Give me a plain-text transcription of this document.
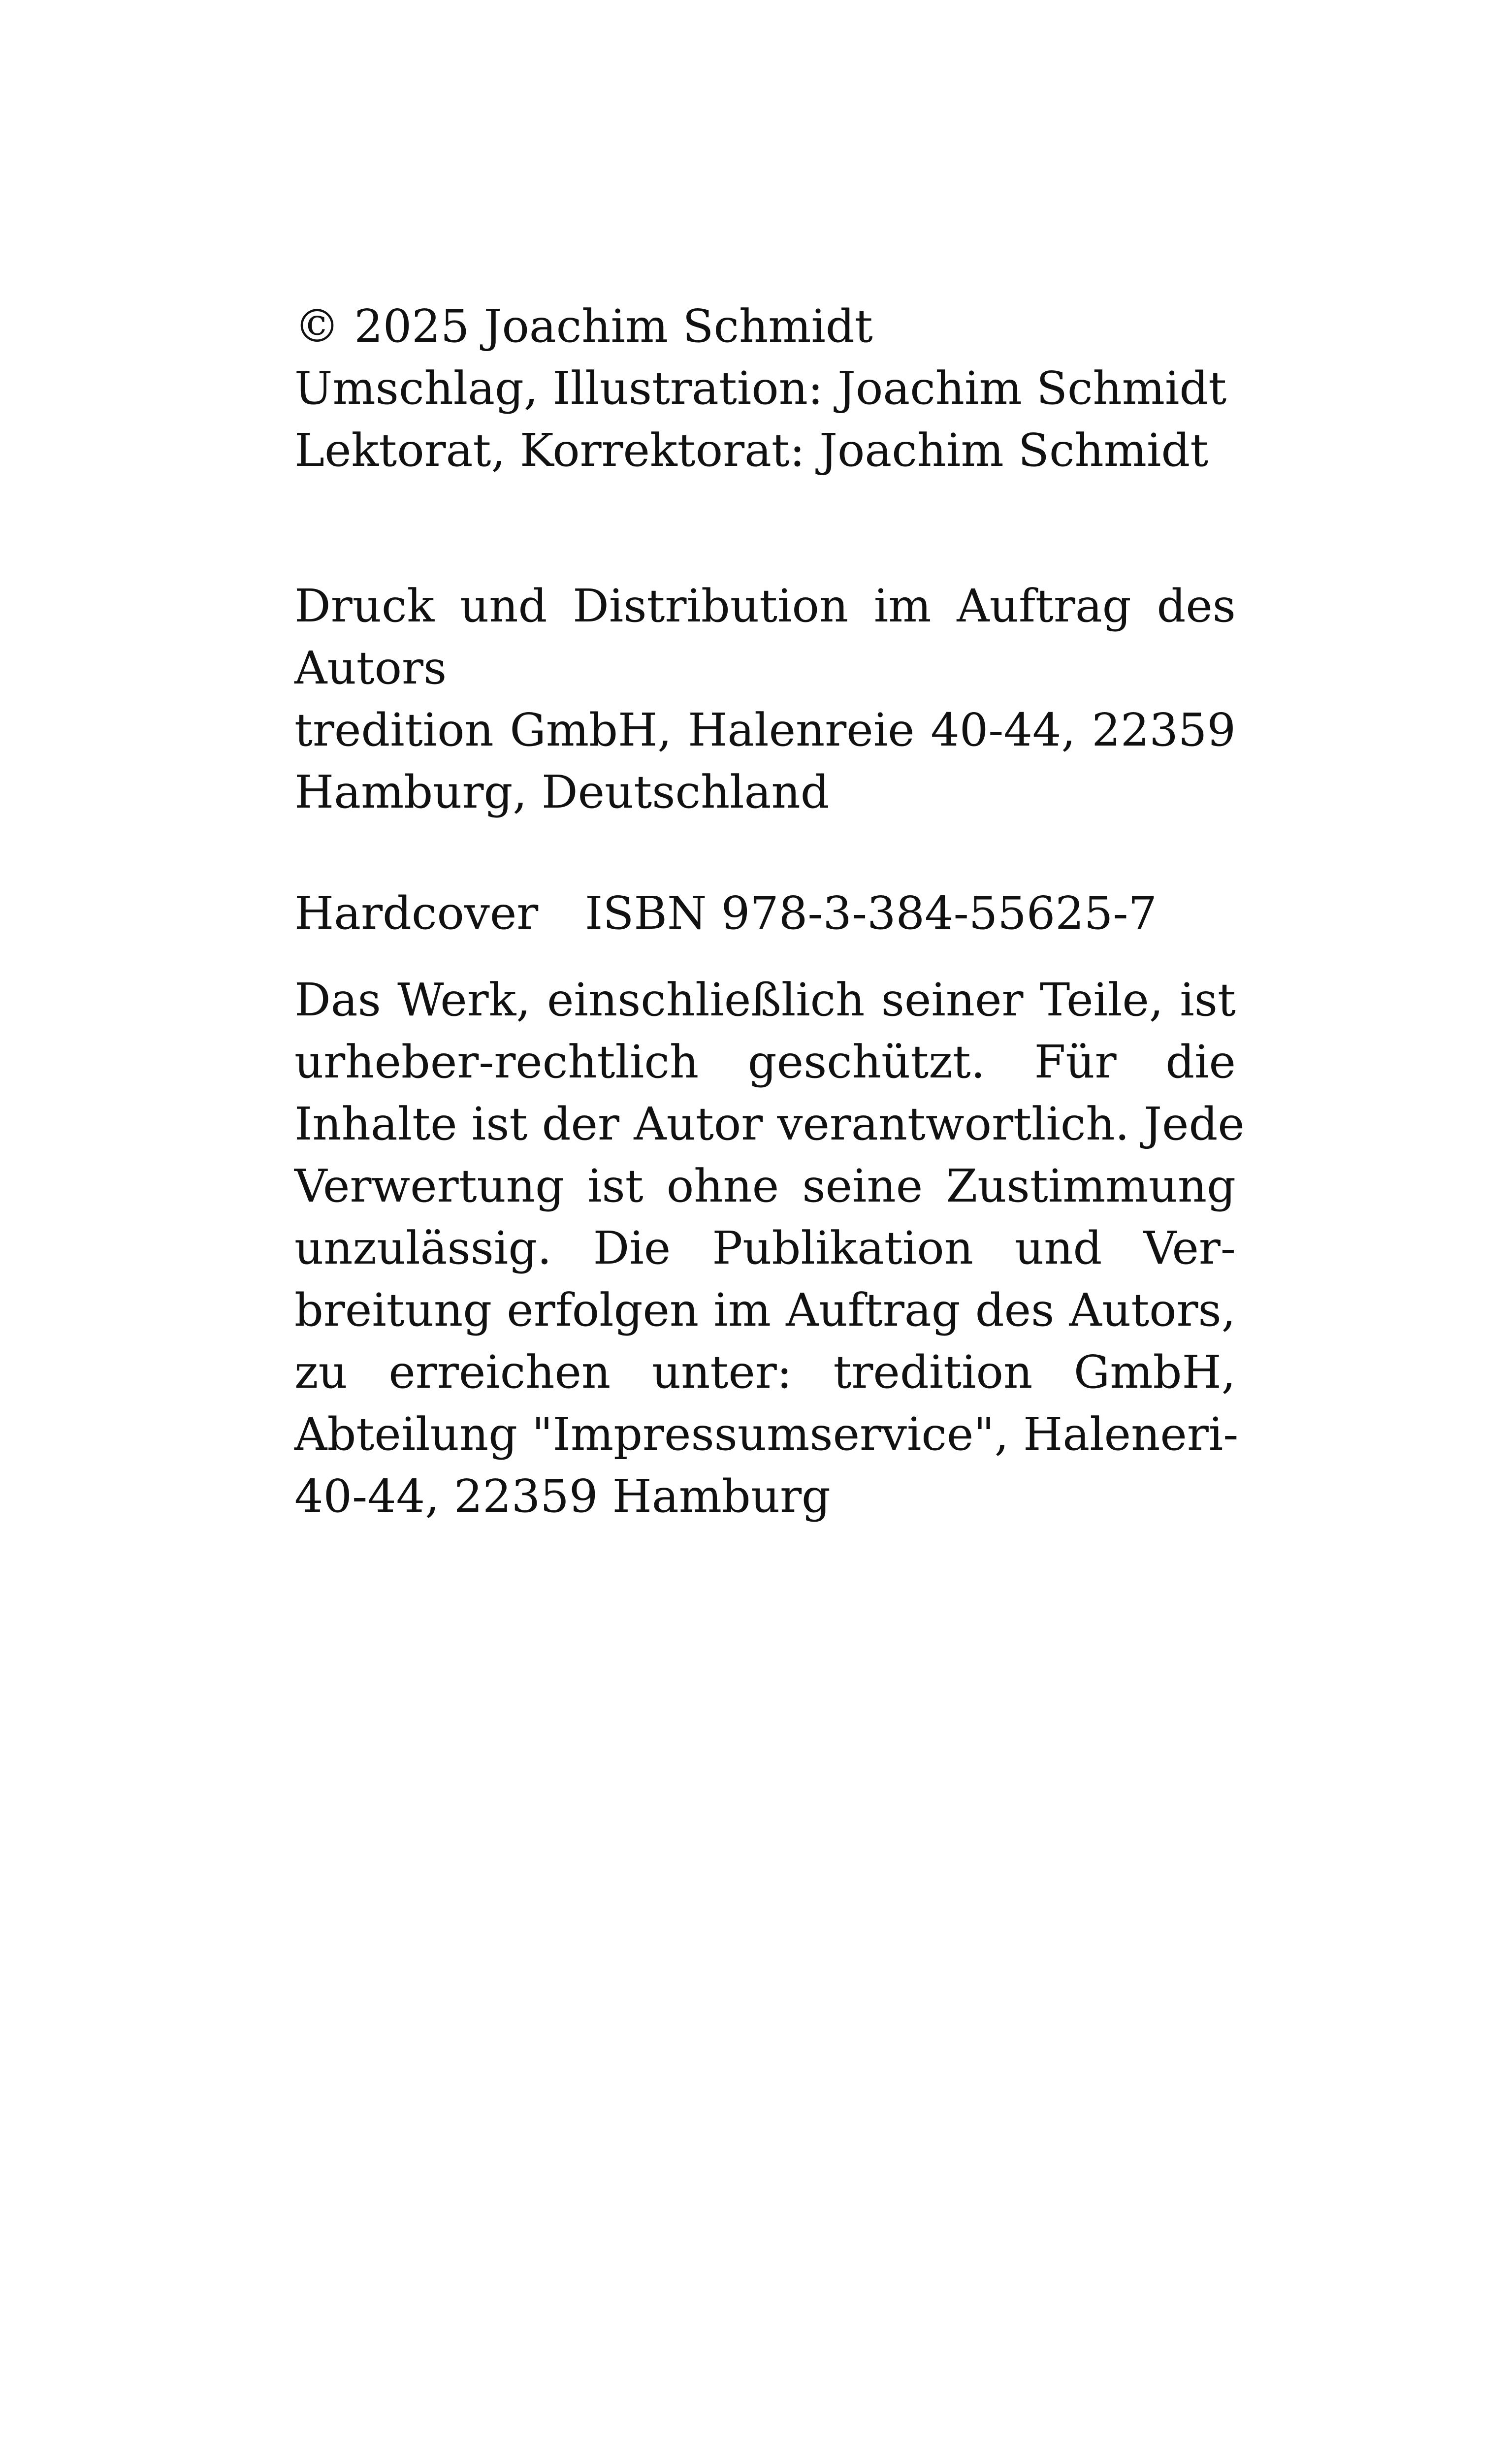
© 2025 Joachim Schmidt
Umschlag, Illustration: Joachim Schmidt
Lektorat, Korrektorat: Joachim Schmidt
Druck und Distribution im Auftrag des
Autors
tredition GmbH, Halenreie 40-44, 22359
Hamburg, Deutschland
Hardcover ISBN 978-3-384-55625-7
Das Werk, einschließlich seiner Teile, ist
urheber-rechtlich geschützt. Für die
Inhalte ist der Autor verantwortlich. Jede
Verwertung ist ohne seine Zustimmung
unzulässig. Die Publikation und Ver-
breitung erfolgen im Auftrag des Autors,
zu erreichen unter: tredition GmbH,
Abteilung "Impressumservice", Haleneri-
40-44, 22359 Hamburg
